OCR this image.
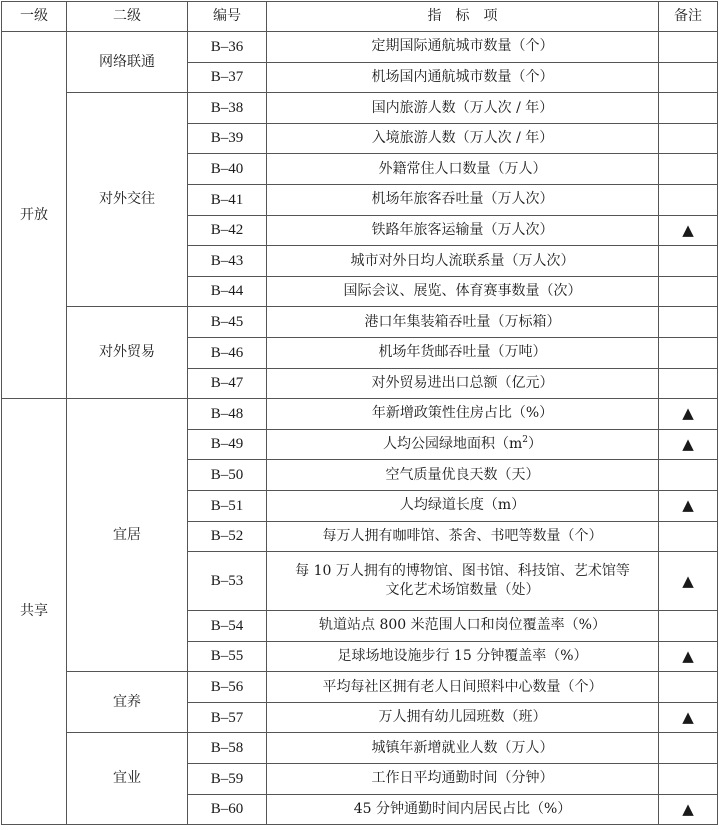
一级	二级	编号	指　标　项	备注
开放	网络联通	B–36	定期国际通航城市数量（个）	
		B–37	机场国内通航城市数量（个）	
	对外交往	B–38	国内旅游人数（万人次 / 年）	
		B–39	入境旅游人数（万人次 / 年）	
		B–40	外籍常住人口数量（万人）	
		B–41	机场年旅客吞吐量（万人次）	
		B–42	铁路年旅客运输量（万人次）	▲
		B–43	城市对外日均人流联系量（万人次）	
		B–44	国际会议、展览、体育赛事数量（次）	
	对外贸易	B–45	港口年集装箱吞吐量（万标箱）	
		B–46	机场年货邮吞吐量（万吨）	
		B–47	对外贸易进出口总额（亿元）	
共享	宜居	B–48	年新增政策性住房占比（%）	▲
		B–49	人均公园绿地面积$(m^2)$	▲
		B–50	空气质量优良天数（天）	
		B–51	人均绿道长度（m）	▲
		B–52	每万人拥有咖啡馆、茶舍、书吧等数量（个）	
		B–53	每 10 万人拥有的博物馆、图书馆、科技馆、艺术馆等
文化艺术场馆数量（处）	▲
		B–54	轨道站点 800 米范围人口和岗位覆盖率（%）	
		B–55	足球场地设施步行 15 分钟覆盖率（%）	▲
	宜养	B–56	平均每社区拥有老人日间照料中心数量（个）	
		B–57	万人拥有幼儿园班数（班）	▲
	宜业	B–58	城镇年新增就业人数（万人）	
		B–59	工作日平均通勤时间（分钟）	
		B–60	45 分钟通勤时间内居民占比（%）	▲
